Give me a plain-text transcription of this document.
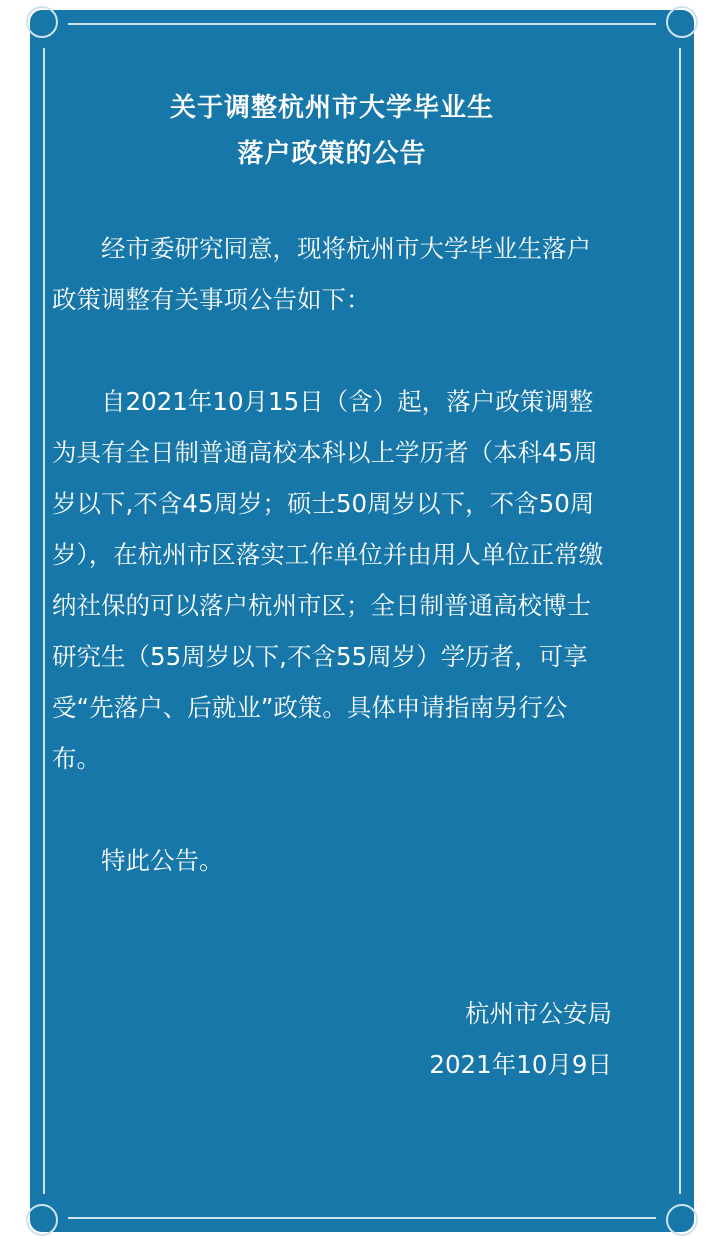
关于调整杭州市大学毕业生

落户政策的公告

经市委研究同意，现将杭州市大学毕业生落户政策调整有关事项公告如下：

自2021年10月15日（含）起，落户政策调整为具有全日制普通高校本科以上学历者（本科45周岁以下,不含45周岁；硕士50周岁以下，不含50周岁），在杭州市区落实工作单位并由用人单位正常缴纳社保的可以落户杭州市区；全日制普通高校博士研究生（55周岁以下,不含55周岁）学历者，可享受“先落户、后就业”政策。具体申请指南另行公布。

特此公告。

杭州市公安局

2021年10月9日
